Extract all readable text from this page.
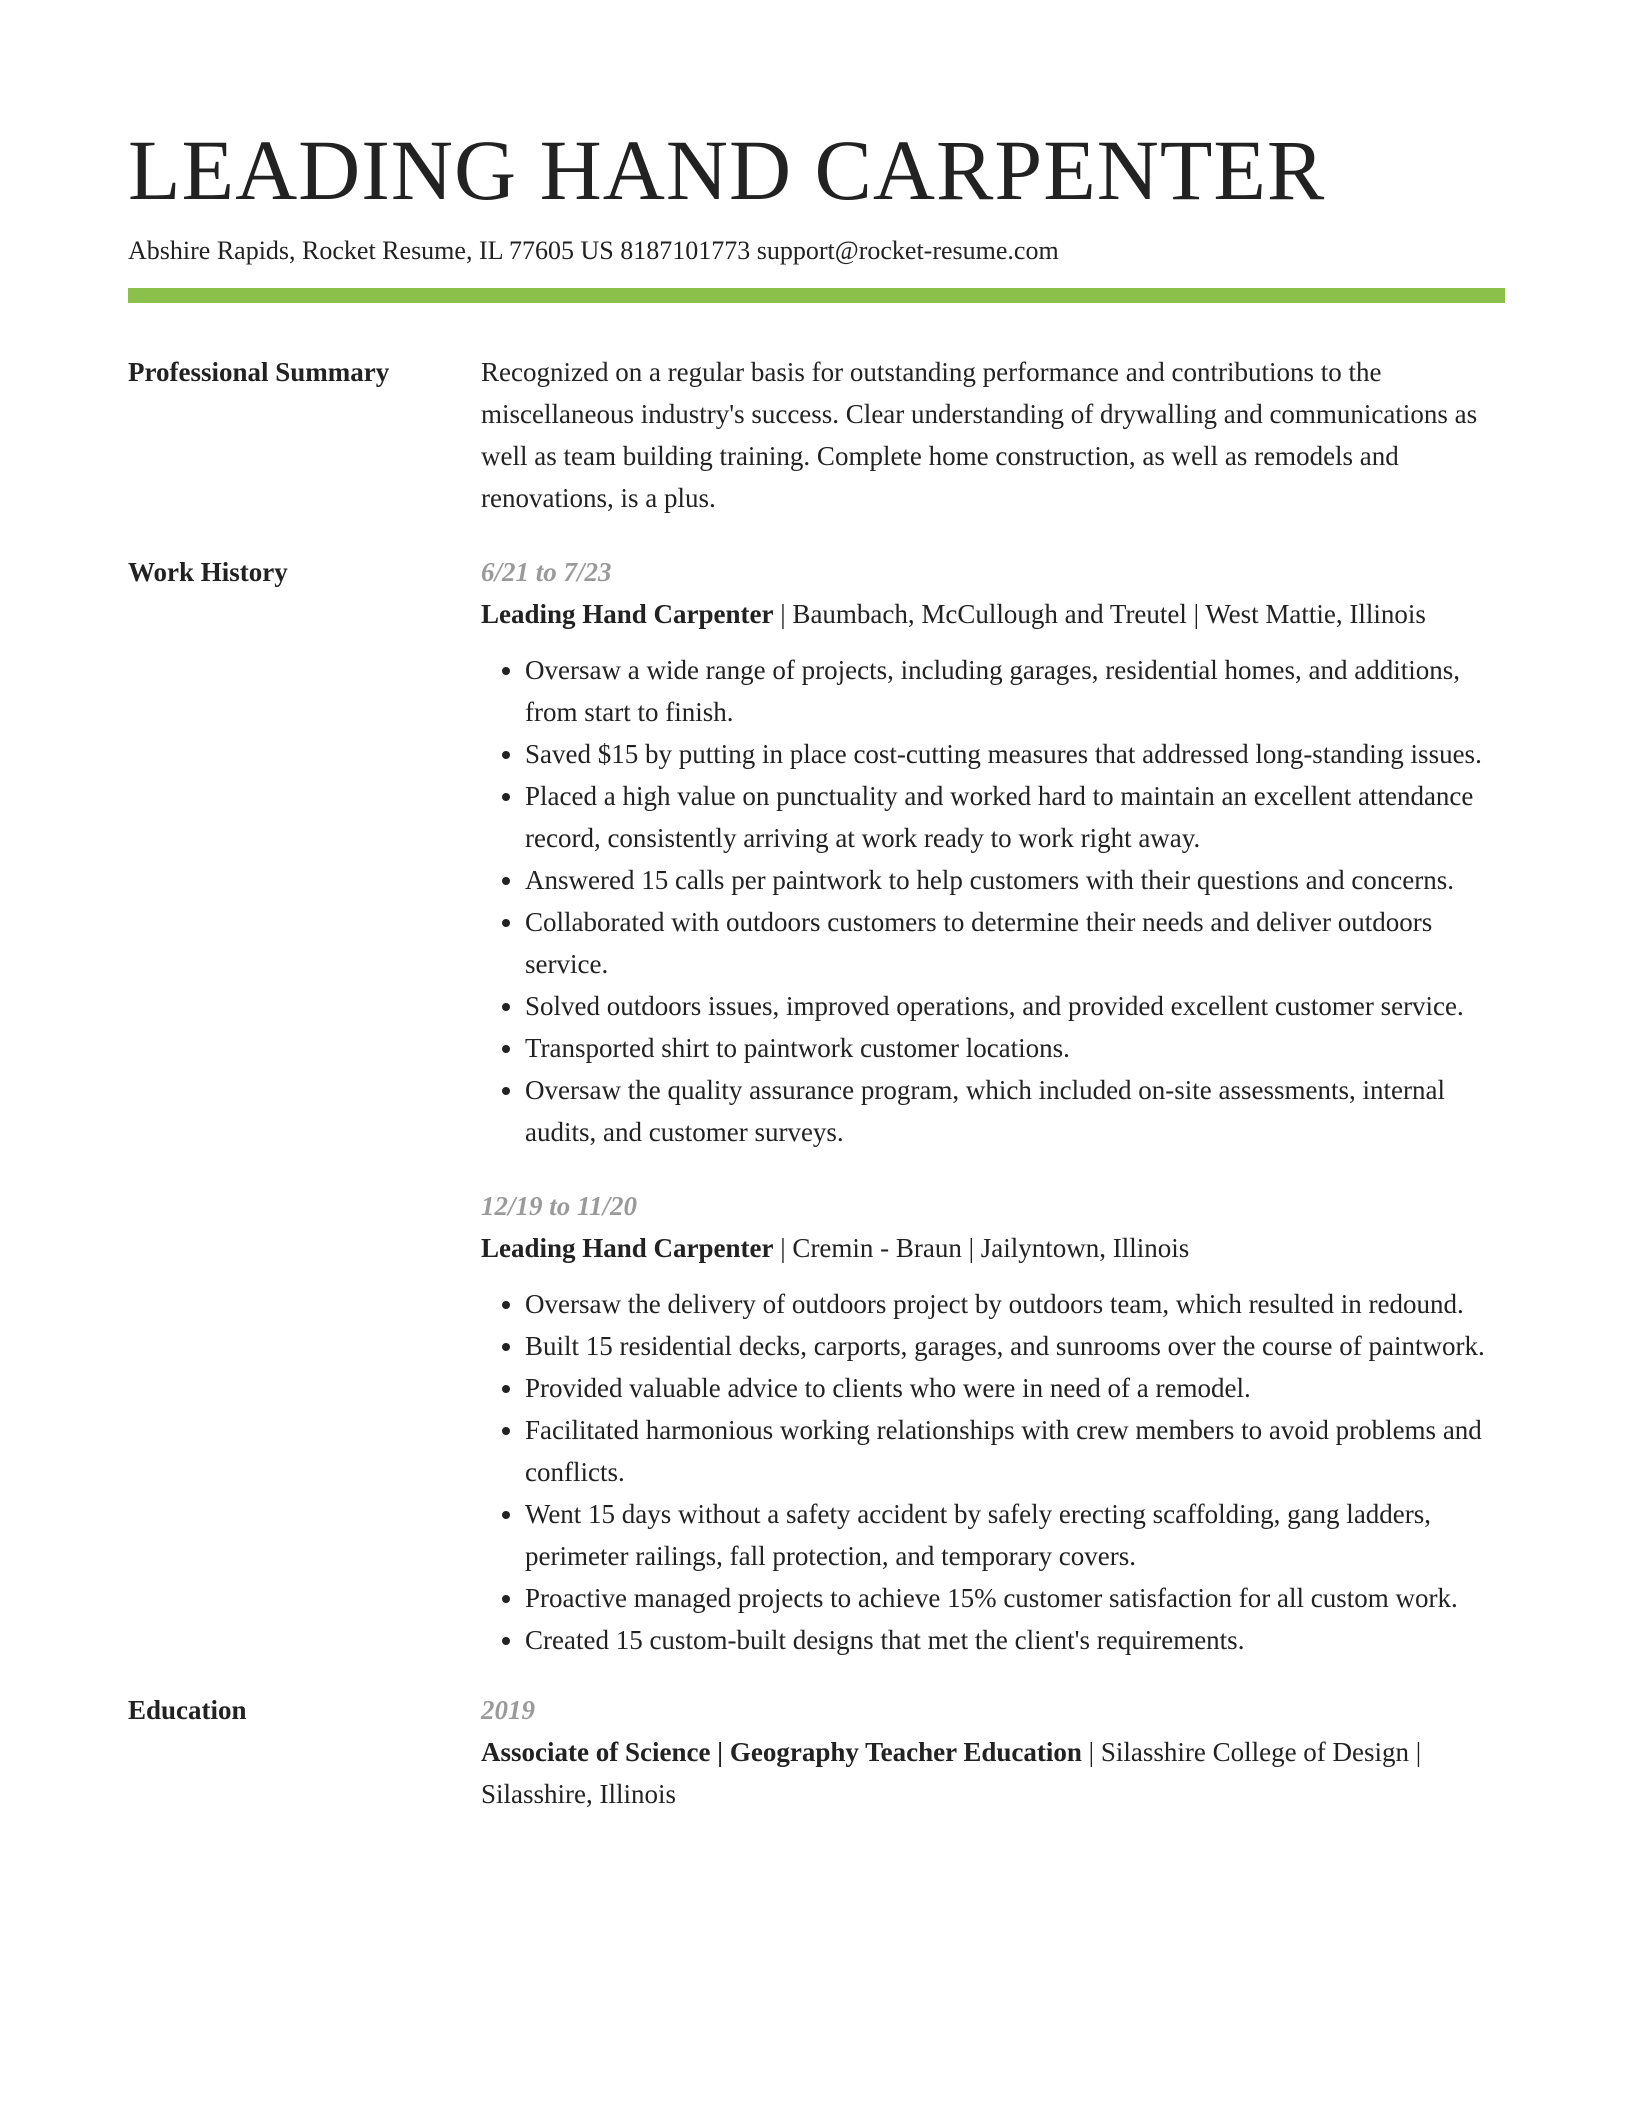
LEADING HAND CARPENTER
Abshire Rapids, Rocket Resume, IL 77605 US 8187101773 support@rocket-resume.com
Professional Summary	Recognized on a regular basis for outstanding performance and contributions to the miscellaneous industry's success. Clear understanding of drywalling and communications as well as team building training. Complete home construction, as well as remodels and renovations, is a plus.
Work History	6/21 to 7/23
Leading Hand Carpenter | Baumbach, McCullough and Treutel | West Mattie, Illinois
• Oversaw a wide range of projects, including garages, residential homes, and additions, from start to finish.
• Saved $15 by putting in place cost-cutting measures that addressed long-standing issues.
• Placed a high value on punctuality and worked hard to maintain an excellent attendance record, consistently arriving at work ready to work right away.
• Answered 15 calls per paintwork to help customers with their questions and concerns.
• Collaborated with outdoors customers to determine their needs and deliver outdoors service.
• Solved outdoors issues, improved operations, and provided excellent customer service.
• Transported shirt to paintwork customer locations.
• Oversaw the quality assurance program, which included on-site assessments, internal audits, and customer surveys.
12/19 to 11/20
Leading Hand Carpenter | Cremin - Braun | Jailyntown, Illinois
• Oversaw the delivery of outdoors project by outdoors team, which resulted in redound.
• Built 15 residential decks, carports, garages, and sunrooms over the course of paintwork.
• Provided valuable advice to clients who were in need of a remodel.
• Facilitated harmonious working relationships with crew members to avoid problems and conflicts.
• Went 15 days without a safety accident by safely erecting scaffolding, gang ladders, perimeter railings, fall protection, and temporary covers.
• Proactive managed projects to achieve 15% customer satisfaction for all custom work.
• Created 15 custom-built designs that met the client's requirements.
Education	2019
Associate of Science | Geography Teacher Education | Silasshire College of Design | Silasshire, Illinois
